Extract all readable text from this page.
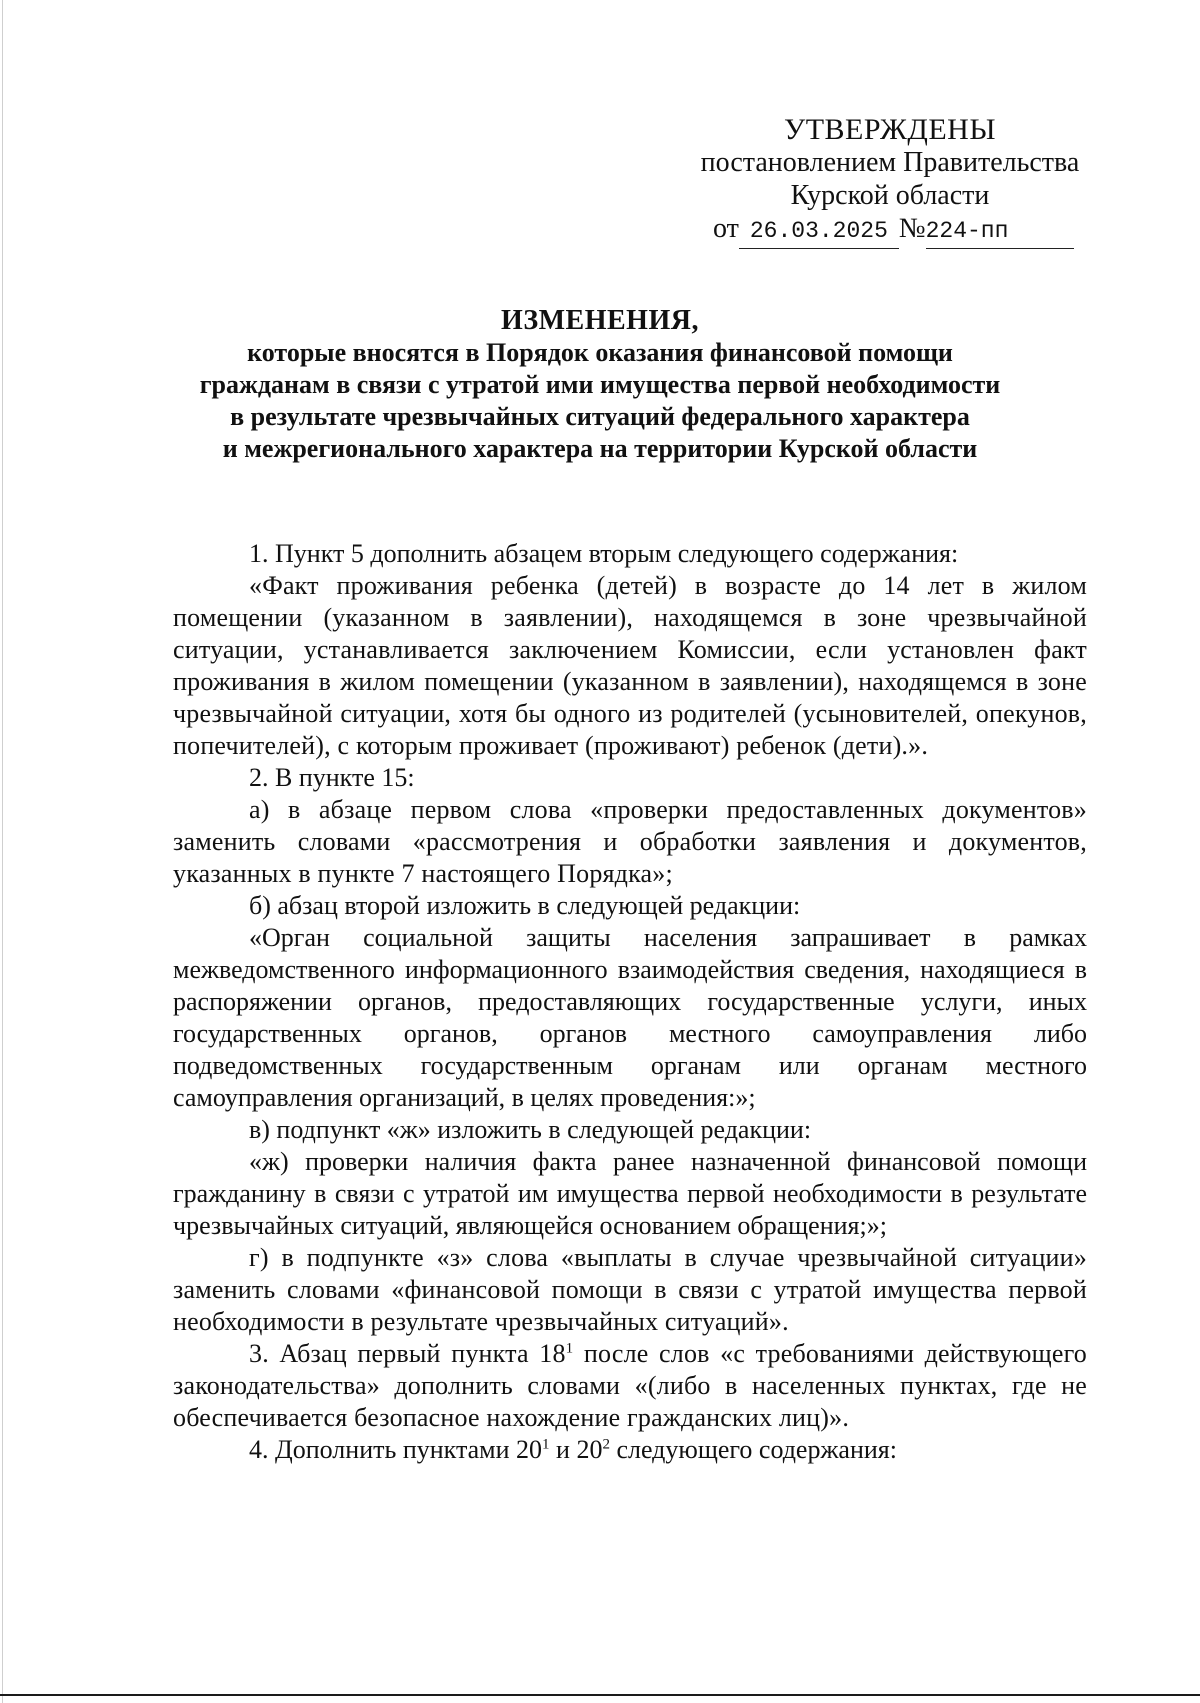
УТВЕРЖДЕНЫ
постановлением Правительства
Курской области
от 26.03.2025 №224-пп
ИЗМЕНЕНИЯ,
которые вносятся в Порядок оказания финансовой помощи
гражданам в связи с утратой ими имущества первой необходимости
в результате чрезвычайных ситуаций федерального характера
и межрегионального характера на территории Курской области

1. Пункт 5 дополнить абзацем вторым следующего содержания:

«Факт проживания ребенка (детей) в возрасте до 14 лет в жилом помещении (указанном в заявлении), находящемся в зоне чрезвычайной ситуации, устанавливается заключением Комиссии, если установлен факт проживания в жилом помещении (указанном в заявлении), находящемся в зоне чрезвычайной ситуации, хотя бы одного из родителей (усыновителей, опекунов, попечителей), с которым проживает (проживают) ребенок (дети).».

2. В пункте 15:

а) в абзаце первом слова «проверки предоставленных документов» заменить словами «рассмотрения и обработки заявления и документов, указанных в пункте 7 настоящего Порядка»;

б) абзац второй изложить в следующей редакции:

«Орган социальной защиты населения запрашивает в рамках межведомственного информационного взаимодействия сведения, находящиеся в распоряжении органов, предоставляющих государственные услуги, иных государственных органов, органов местного самоуправления либо подведомственных государственным органам или органам местного самоуправления организаций, в целях проведения:»;

в) подпункт «ж» изложить в следующей редакции:

«ж) проверки наличия факта ранее назначенной финансовой помощи гражданину в связи с утратой им имущества первой необходимости в результате чрезвычайных ситуаций, являющейся основанием обращения;»;

г) в подпункте «з» слова «выплаты в случае чрезвычайной ситуации» заменить словами «финансовой помощи в связи с утратой имущества первой необходимости в результате чрезвычайных ситуаций».

3. Абзац первый пункта $18^1$ после слов «с требованиями действующего законодательства» дополнить словами «(либо в населенных пунктах, где не обеспечивается безопасное нахождение гражданских лиц)».

4. Дополнить пунктами $20^1$ и $20^2$ следующего содержания:
